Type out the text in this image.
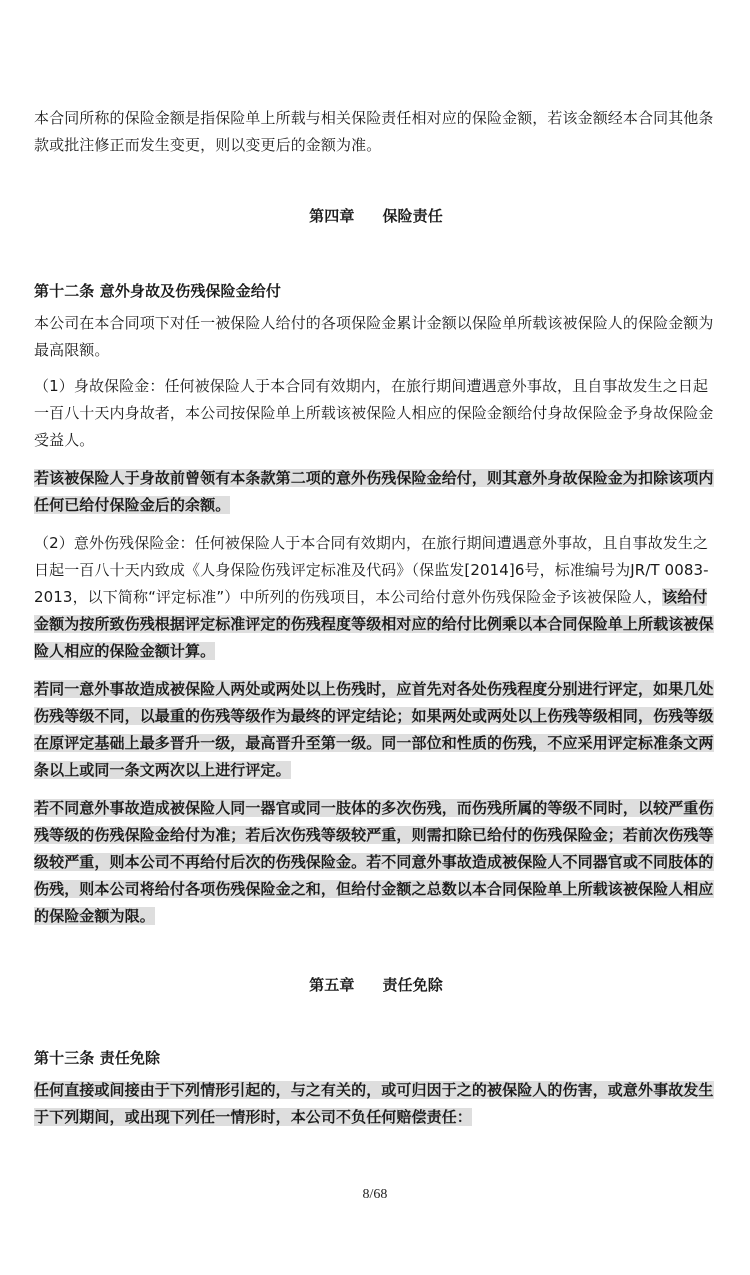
本合同所称的保险金额是指保险单上所载与相关保险责任相对应的保险金额，若该金额经本合同其他条款或批注修正而发生变更，则以变更后的金额为准。

第四章 保险责任

第十二条 意外身故及伤残保险金给付

本公司在本合同项下对任一被保险人给付的各项保险金累计金额以保险单所载该被保险人的保险金额为最高限额。

（1）身故保险金：任何被保险人于本合同有效期内，在旅行期间遭遇意外事故，且自事故发生之日起一百八十天内身故者，本公司按保险单上所载该被保险人相应的保险金额给付身故保险金予身故保险金受益人。

若该被保险人于身故前曾领有本条款第二项的意外伤残保险金给付，则其意外身故保险金为扣除该项内任何已给付保险金后的余额。

（2）意外伤残保险金：任何被保险人于本合同有效期内，在旅行期间遭遇意外事故，且自事故发生之日起一百八十天内致成《人身保险伤残评定标准及代码》（保监发[2014]6号，标准编号为JR/T 0083-2013，以下简称“评定标准”）中所列的伤残项目，本公司给付意外伤残保险金予该被保险人，该给付金额为按所致伤残根据评定标准评定的伤残程度等级相对应的给付比例乘以本合同保险单上所载该被保险人相应的保险金额计算。

若同一意外事故造成被保险人两处或两处以上伤残时，应首先对各处伤残程度分别进行评定，如果几处伤残等级不同，以最重的伤残等级作为最终的评定结论；如果两处或两处以上伤残等级相同，伤残等级在原评定基础上最多晋升一级，最高晋升至第一级。同一部位和性质的伤残，不应采用评定标准条文两条以上或同一条文两次以上进行评定。

若不同意外事故造成被保险人同一器官或同一肢体的多次伤残，而伤残所属的等级不同时，以较严重伤残等级的伤残保险金给付为准；若后次伤残等级较严重，则需扣除已给付的伤残保险金；若前次伤残等级较严重，则本公司不再给付后次的伤残保险金。若不同意外事故造成被保险人不同器官或不同肢体的伤残，则本公司将给付各项伤残保险金之和，但给付金额之总数以本合同保险单上所载该被保险人相应的保险金额为限。

第五章 责任免除

第十三条 责任免除

任何直接或间接由于下列情形引起的，与之有关的，或可归因于之的被保险人的伤害，或意外事故发生于下列期间，或出现下列任一情形时，本公司不负任何赔偿责任：

8/68
